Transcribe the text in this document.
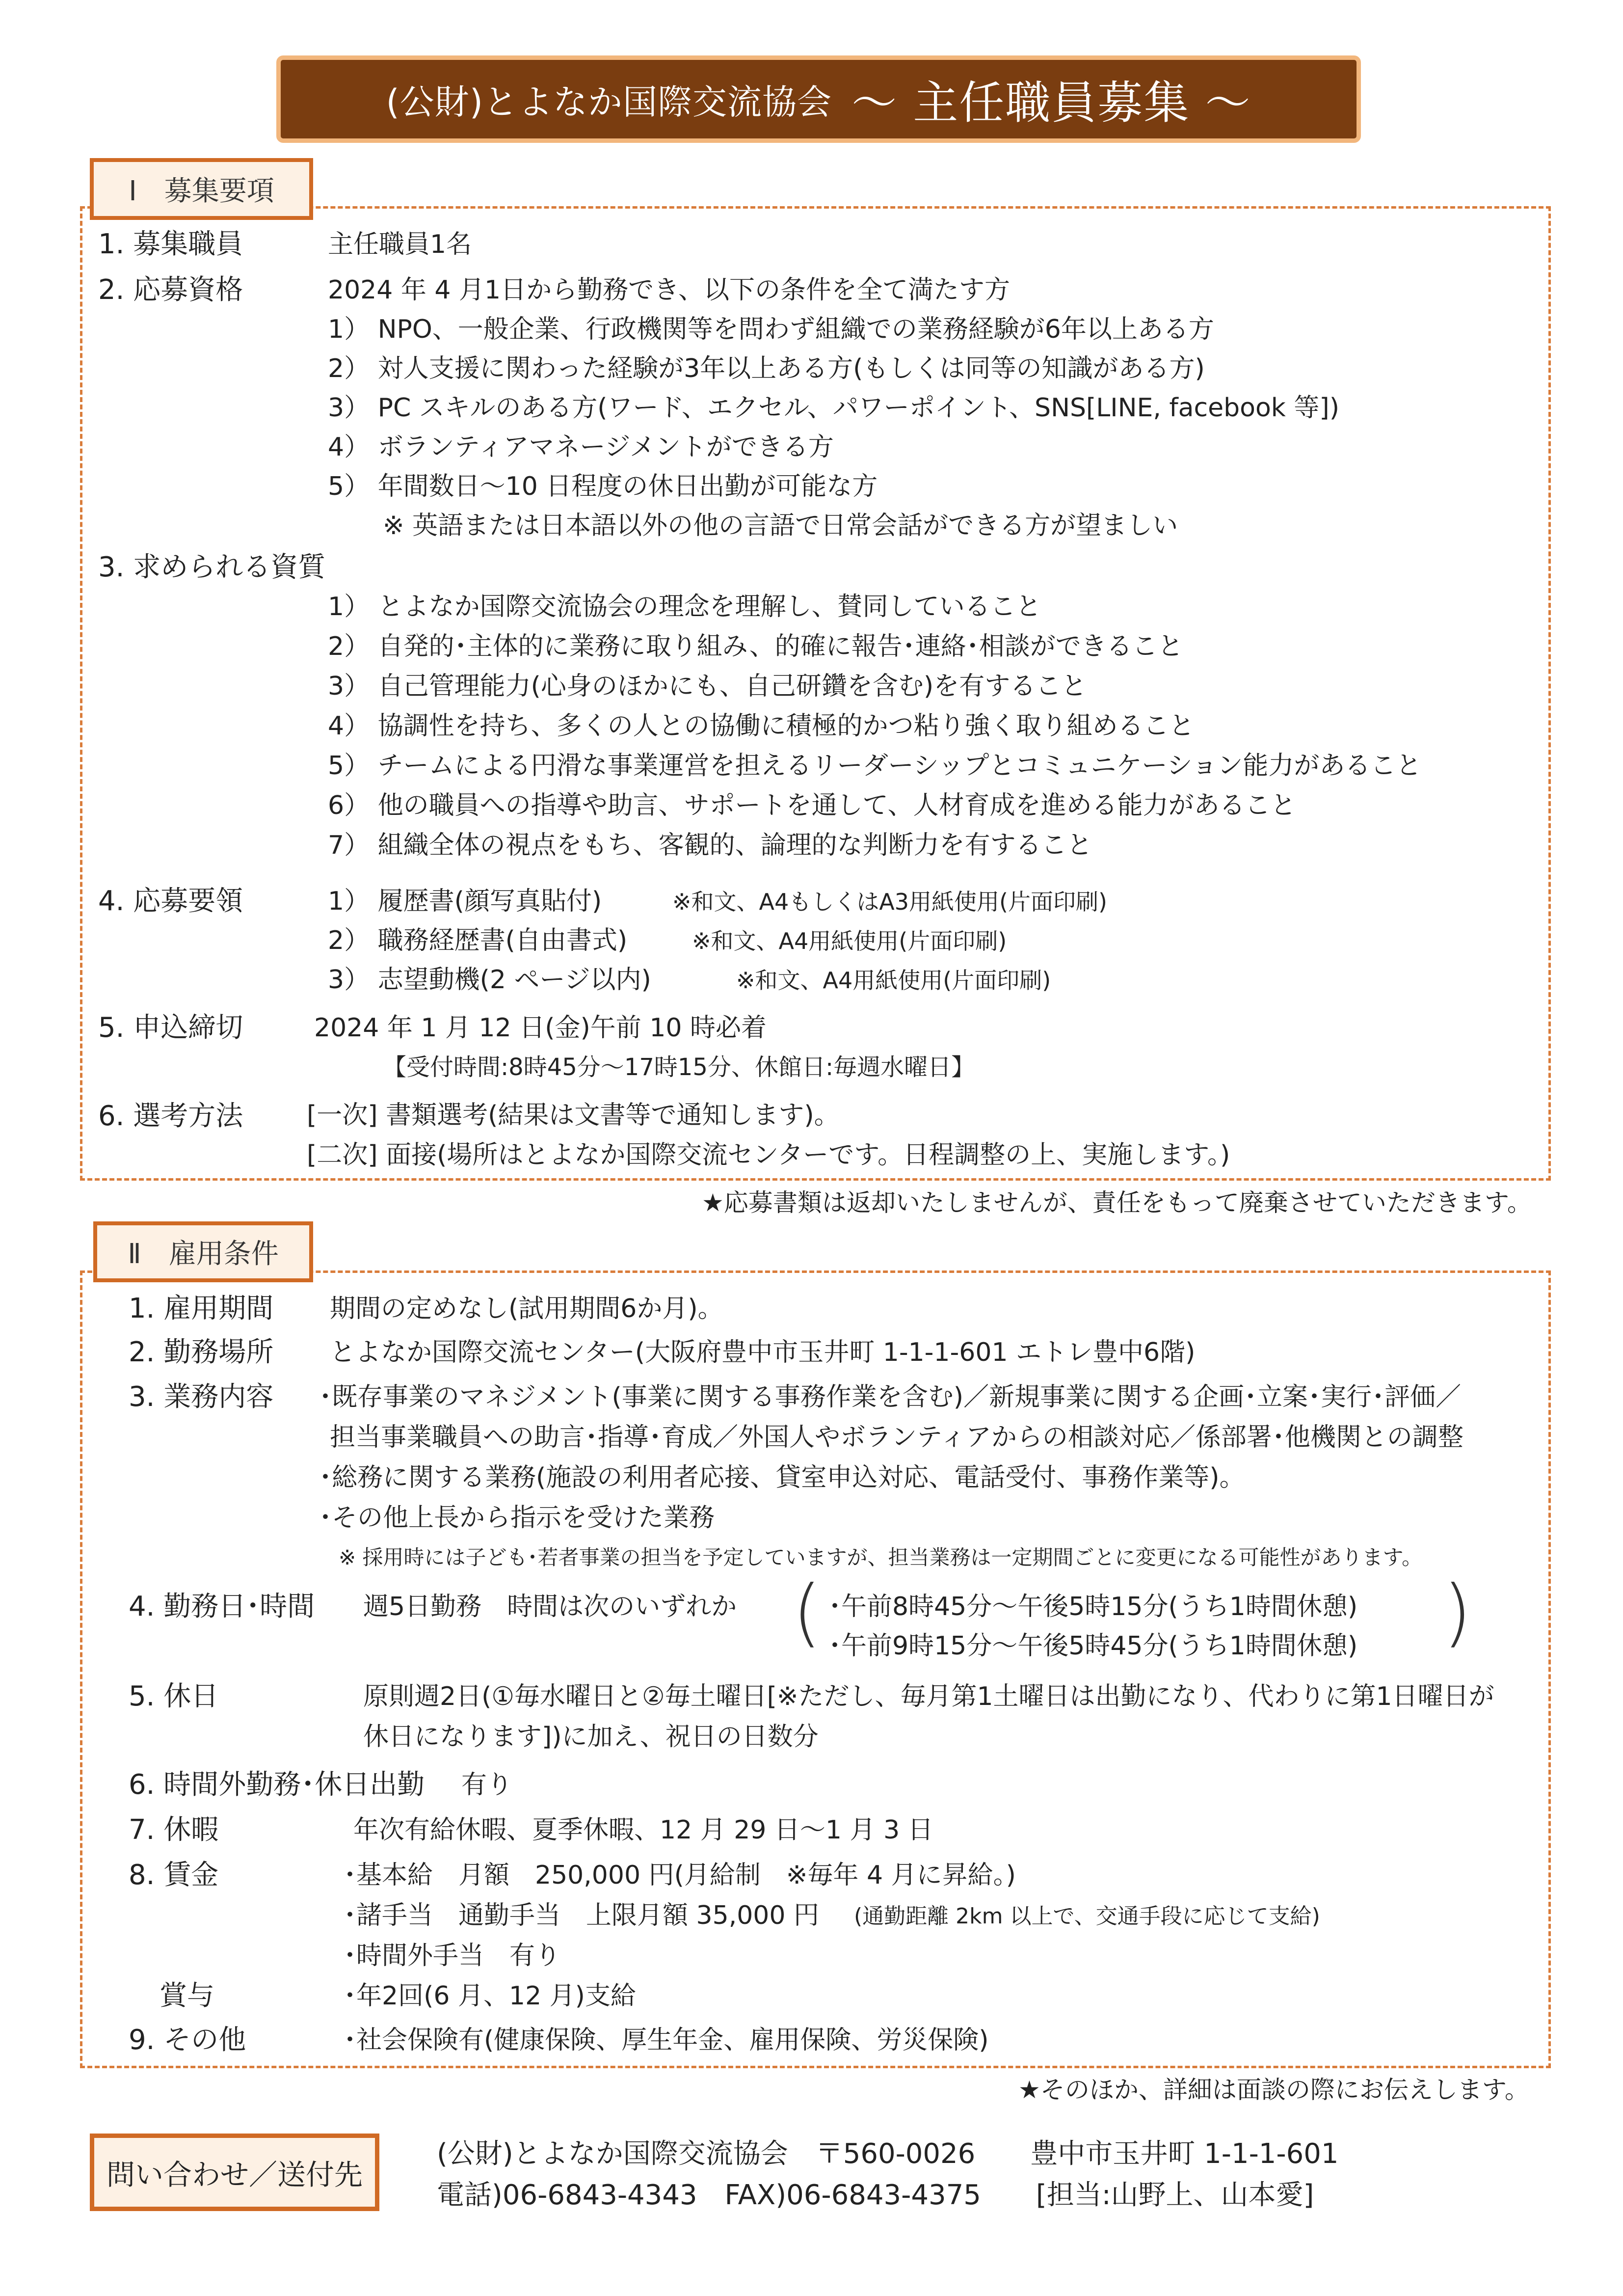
(公財)とよなか国際交流協会 ～ 主任職員募集 ～
Ⅰ　募集要項
1. 募集職員	主任職員1名
2. 応募資格	2024 年 4 月1日から勤務でき、以下の条件を全て満たす方
1） NPO、一般企業、行政機関等を問わず組織での業務経験が6年以上ある方
2） 対人支援に関わった経験が3年以上ある方(もしくは同等の知識がある方)
3） PC スキルのある方(ワード、エクセル、パワーポイント、SNS[LINE, facebook 等])
4） ボランティアマネージメントができる方
5） 年間数日～10 日程度の休日出勤が可能な方
※ 英語または日本語以外の他の言語で日常会話ができる方が望ましい
3. 求められる資質
1） とよなか国際交流協会の理念を理解し、賛同していること
2） 自発的･主体的に業務に取り組み、的確に報告･連絡･相談ができること
3） 自己管理能力(心身のほかにも、自己研鑽を含む)を有すること
4） 協調性を持ち、多くの人との協働に積極的かつ粘り強く取り組めること
5） チームによる円滑な事業運営を担えるリーダーシップとコミュニケーション能力があること
6） 他の職員への指導や助言、サポートを通して、人材育成を進める能力があること
7） 組織全体の視点をもち、客観的、論理的な判断力を有すること
4. 応募要領	1） 履歴書(顔写真貼付)	※和文、A4もしくはA3用紙使用(片面印刷)
2） 職務経歴書(自由書式)	※和文、A4用紙使用(片面印刷)
3） 志望動機(2 ページ以内)	※和文、A4用紙使用(片面印刷)
5. 申込締切	2024 年 1 月 12 日(金)午前 10 時必着
【受付時間:8時45分～17時15分、休館日:毎週水曜日】
6. 選考方法 [一次] 書類選考(結果は文書等で通知します)。
[二次] 面接(場所はとよなか国際交流センターです。日程調整の上、実施します。)
★応募書類は返却いたしませんが、責任をもって廃棄させていただきます。
Ⅱ　雇用条件
1. 雇用期間 期間の定めなし(試用期間6か月)。
2. 勤務場所 とよなか国際交流センター(大阪府豊中市玉井町 1-1-1-601 エトレ豊中6階)
3. 業務内容 ･既存事業のマネジメント(事業に関する事務作業を含む)／新規事業に関する企画･立案･実行･評価／
担当事業職員への助言･指導･育成／外国人やボランティアからの相談対応／係部署･他機関との調整
･総務に関する業務(施設の利用者応接、貸室申込対応、電話受付、事務作業等)。
･その他上長から指示を受けた業務
※ 採用時には子ども･若者事業の担当を予定していますが、担当業務は一定期間ごとに変更になる可能性があります。
4. 勤務日･時間 週5日勤務　時間は次のいずれか ( ･午前8時45分～午後5時15分(うち1時間休憩)
･午前9時15分～午後5時45分(うち1時間休憩) )
5. 休日	原則週2日(①毎水曜日と②毎土曜日[※ただし、毎月第1土曜日は出勤になり、代わりに第1日曜日が
休日になります])に加え、祝日の日数分
6. 時間外勤務･休日出勤 有り
7. 休暇	年次有給休暇、夏季休暇、12 月 29 日～1 月 3 日
8. 賃金	･基本給　月額　250,000 円(月給制　※毎年 4 月に昇給。)
･諸手当　通勤手当　上限月額 35,000 円 (通勤距離 2km 以上で、交通手段に応じて支給)
･時間外手当　有り
賞与	･年2回(6 月、12 月)支給
9. その他	･社会保険有(健康保険、厚生年金、雇用保険、労災保険)
★そのほか、詳細は面談の際にお伝えします。
問い合わせ／送付先
(公財)とよなか国際交流協会　〒560-0026　　豊中市玉井町 1-1-1-601
電話)06-6843-4343　FAX)06-6843-4375　　[担当:山野上、山本愛]
